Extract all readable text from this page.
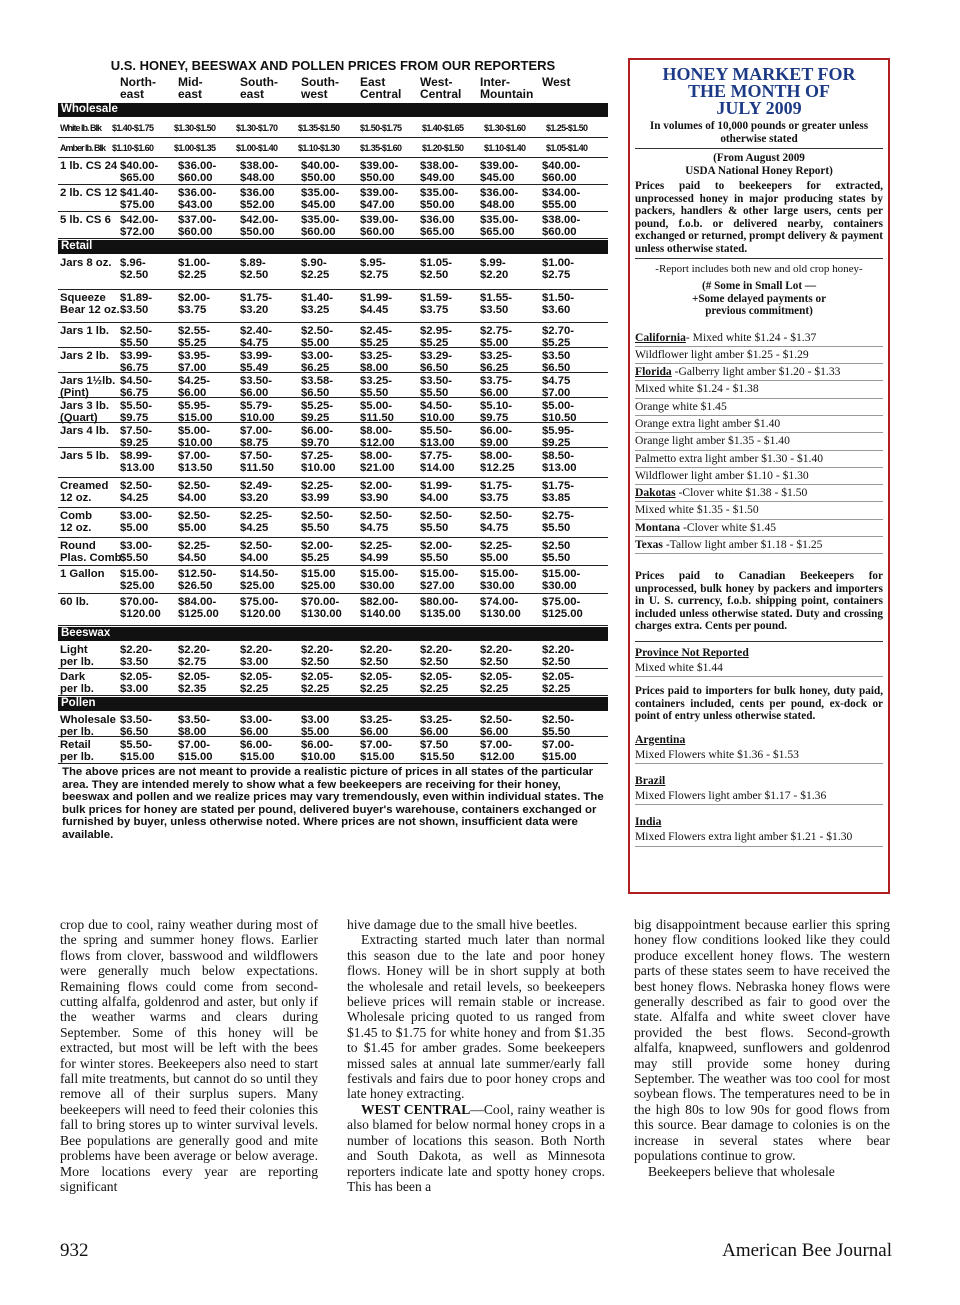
U.S. HONEY, BEESWAX AND POLLEN PRICES FROM OUR REPORTERS
North-
east
Mid-
east
South-
east
South-
west
East
Central
West-
Central
Inter-
Mountain
West
Wholesale
White lb. Blk $1.40-$1.75 $1.30-$1.50 $1.30-$1.70 $1.35-$1.50 $1.50-$1.75 $1.40-$1.65 $1.30-$1.60 $1.25-$1.50
Amber lb. Blk $1.10-$1.60 $1.00-$1.35 $1.00-$1.40 $1.10-$1.30 $1.35-$1.60 $1.20-$1.50 $1.10-$1.40 $1.05-$1.40
1 lb. CS 24 $40.00-
$65.00
$36.00-
$60.00
$38.00-
$48.00
$40.00-
$50.00
$39.00-
$50.00
$38.00-
$49.00
$39.00-
$45.00
$40.00-
$60.00
2 lb. CS 12 $41.40-
$75.00
$36.00-
$43.00
$36.00
$52.00
$35.00-
$45.00
$39.00-
$47.00
$35.00-
$50.00
$36.00-
$48.00
$34.00-
$55.00
5 lb. CS 6 $42.00-
$72.00
$37.00-
$60.00
$42.00-
$50.00
$35.00-
$60.00
$39.00-
$60.00
$36.00
$65.00
$35.00-
$65.00
$38.00-
$60.00
Retail
Jars 8 oz. $.96-
$2.50
$1.00-
$2.25
$.89-
$2.50
$.90-
$2.25
$.95-
$2.75
$1.05-
$2.50
$.99-
$2.20
$1.00-
$2.75
Squeeze
Bear 12 oz.
$1.89-
$3.50
$2.00-
$3.75
$1.75-
$3.20
$1.40-
$3.25
$1.99-
$4.45
$1.59-
$3.75
$1.55-
$3.50
$1.50-
$3.60
Jars 1 lb. $2.50-
$5.50
$2.55-
$5.25
$2.40-
$4.75
$2.50-
$5.00
$2.45-
$5.25
$2.95-
$5.25
$2.75-
$5.00
$2.70-
$5.25
Jars 2 lb. $3.99-
$6.75
$3.95-
$7.00
$3.99-
$5.49
$3.00-
$6.25
$3.25-
$8.00
$3.29-
$6.50
$3.25-
$6.25
$3.50
$6.50
Jars 1½lb.
(Pint)
$4.50-
$6.75
$4.25-
$6.00
$3.50-
$6.00
$3.58-
$6.50
$3.25-
$5.50
$3.50-
$5.50
$3.75-
$6.00
$4.75
$7.00
Jars 3 lb.
(Quart)
$5.50-
$9.75
$5.95-
$15.00
$5.79-
$10.00
$5.25-
$9.25
$5.00-
$11.50
$4.50-
$10.00
$5.10-
$9.75
$5.00-
$10.50
Jars 4 lb. $7.50-
$9.25
$5.00-
$10.00
$7.00-
$8.75
$6.00-
$9.70
$8.00-
$12.00
$5.50-
$13.00
$6.00-
$9.00
$5.95-
$9.25
Jars 5 lb. $8.99-
$13.00
$7.00-
$13.50
$7.50-
$11.50
$7.25-
$10.00
$8.00-
$21.00
$7.75-
$14.00
$8.00-
$12.25
$8.50-
$13.00
Creamed
12 oz.
$2.50-
$4.25
$2.50-
$4.00
$2.49-
$3.20
$2.25-
$3.99
$2.00-
$3.90
$1.99-
$4.00
$1.75-
$3.75
$1.75-
$3.85
Comb
12 oz.
$3.00-
$5.00
$2.50-
$5.00
$2.25-
$4.25
$2.50-
$5.50
$2.50-
$4.75
$2.50-
$5.50
$2.50-
$4.75
$2.75-
$5.50
Round
Plas. Comb
$3.00-
$5.50
$2.25-
$4.50
$2.50-
$4.00
$2.00-
$5.25
$2.25-
$4.99
$2.00-
$5.50
$2.25-
$5.00
$2.50
$5.50
1 Gallon $15.00-
$25.00
$12.50-
$26.50
$14.50-
$25.00
$15.00
$25.00
$15.00-
$30.00
$15.00-
$27.00
$15.00-
$30.00
$15.00-
$30.00
60 lb.	$70.00-
$120.00
$84.00-
$125.00
$75.00-
$120.00
$70.00-
$130.00
$82.00-
$140.00
$80.00-
$135.00
$74.00-
$130.00
$75.00-
$125.00
Beeswax
Light
per lb.
$2.20-
$3.50
$2.20-
$2.75
$2.20-
$3.00
$2.20-
$2.50
$2.20-
$2.50
$2.20-
$2.50
$2.20-
$2.50
$2.20-
$2.50
Dark
per lb.
$2.05-
$3.00
$2.05-
$2.35
$2.05-
$2.25
$2.05-
$2.25
$2.05-
$2.25
$2.05-
$2.25
$2.05-
$2.25
$2.05-
$2.25
Pollen
Wholesale
per lb.
$3.50-
$6.50
$3.50-
$8.00
$3.00-
$6.00
$3.00
$5.00
$3.25-
$6.00
$3.25-
$6.00
$2.50-
$6.00
$2.50-
$5.50
Retail
per lb.
$5.50-
$15.00
$7.00-
$15.00
$6.00-
$15.00
$6.00-
$10.00
$7.00-
$15.00
$7.50
$15.50
$7.00-
$12.00
$7.00-
$15.00
The above prices are not meant to provide a realistic picture of prices in all states of the particular area. They are intended merely to show what a few beekeepers are receiving for their honey, beeswax and pollen and we realize prices may vary tremendously, even within individual states. The bulk prices for honey are stated per pound, delivered buyer's warehouse, containers exchanged or furnished by buyer, unless otherwise noted. Where prices are not shown, insufficient data were available.
HONEY MARKET FOR
THE MONTH OF
JULY 2009
In volumes of 10,000 pounds or greater unless otherwise stated
(From August 2009
USDA National Honey Report)
Prices paid to beekeepers for extracted, unprocessed honey in major producing states by packers, handlers & other large users, cents per pound, f.o.b. or delivered nearby, containers exchanged or returned, prompt delivery & payment unless otherwise stated.
-Report includes both new and old crop honey-
(# Some in Small Lot —
+Some delayed payments or
previous commitment)
California- Mixed white $1.24 - $1.37
Wildflower light amber $1.25 - $1.29
Florida -Galberry light amber $1.20 - $1.33
Mixed white $1.24 - $1.38
Orange white $1.45
Orange extra light amber $1.40
Orange light amber $1.35 - $1.40
Palmetto extra light amber $1.30 - $1.40
Wildflower light amber $1.10 - $1.30
Dakotas -Clover white $1.38 - $1.50
Mixed white $1.35 - $1.50
Montana -Clover white $1.45
Texas -Tallow light amber $1.18 - $1.25
Prices paid to Canadian Beekeepers for unprocessed, bulk honey by packers and importers in U. S. currency, f.o.b. shipping point, containers included unless otherwise stated. Duty and crossing charges extra. Cents per pound.
Province Not Reported
Mixed white $1.44
Prices paid to importers for bulk honey, duty paid, containers included, cents per pound, ex-dock or point of entry unless otherwise stated.
Argentina
Mixed Flowers white $1.36 - $1.53
Brazil
Mixed Flowers light amber $1.17 - $1.36
India
Mixed Flowers extra light amber $1.21 - $1.30

crop due to cool, rainy weather during most of the spring and summer honey flows. Earlier flows from clover, basswood and wildflowers were generally much below expectations. Remaining flows could come from second-cutting alfalfa, goldenrod and aster, but only if the weather warms and clears during September. Some of this honey will be extracted, but most will be left with the bees for winter stores. Beekeepers also need to start fall mite treatments, but cannot do so until they remove all of their surplus supers. Many beekeepers will need to feed their colonies this fall to bring stores up to winter survival levels. Bee populations are generally good and mite problems have been average or below average. More locations every year are reporting significant

hive damage due to the small hive beetles.

Extracting started much later than normal this season due to the late and poor honey flows. Honey will be in short supply at both the wholesale and retail levels, so beekeepers believe prices will remain stable or increase. Wholesale pricing quoted to us ranged from $1.45 to $1.75 for white honey and from $1.35 to $1.45 for amber grades. Some beekeepers missed sales at annual late summer/early fall festivals and fairs due to poor honey crops and late honey extracting.

WEST CENTRAL—Cool, rainy weather is also blamed for below normal honey crops in a number of locations this season. Both North and South Dakota, as well as Minnesota reporters indicate late and spotty honey crops. This has been a

big disappointment because earlier this spring honey flow conditions looked like they could produce excellent honey flows. The western parts of these states seem to have received the best honey flows. Nebraska honey flows were generally described as fair to good over the state. Alfalfa and white sweet clover have provided the best flows. Second-growth alfalfa, knapweed, sunflowers and goldenrod may still provide some honey during September. The weather was too cool for most soybean flows. The temperatures need to be in the high 80s to low 90s for good flows from this source. Bear damage to colonies is on the increase in several states where bear populations continue to grow.

Beekeepers believe that wholesale

932	American Bee Journal
